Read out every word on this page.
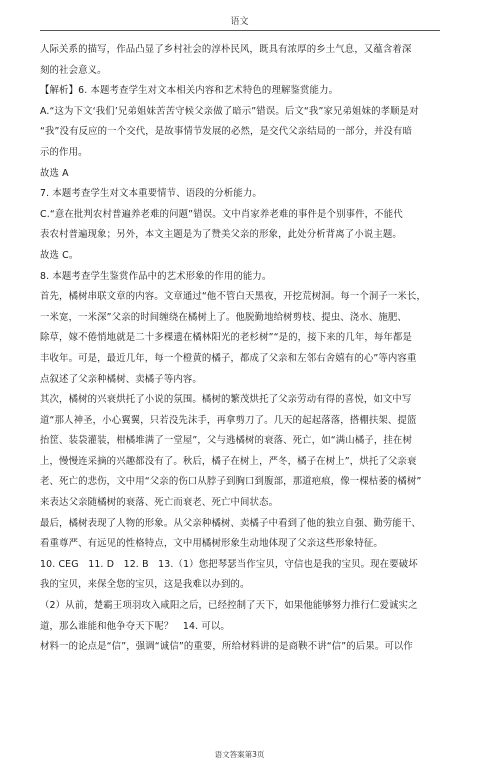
语文
人际关系的描写，作品凸显了乡村社会的淳朴民风，既具有浓厚的乡土气息，又蕴含着深
刻的社会意义。
【解析】6. 本题考查学生对文本相关内容和艺术特色的理解鉴赏能力。
A.“这为下文‘我们’兄弟姐妹苦苦守候父亲做了暗示”错误。后文“我”家兄弟姐妹的孝顺是对
“我”没有反应的一个交代，是故事情节发展的必然，是交代父亲结局的一部分，并没有暗
示的作用。
故选 A
7. 本题考查学生对文本重要情节、语段的分析能力。
C.“意在批判农村普遍养老难的问题”错误。文中肖家养老难的事件是个别事件，不能代
表农村普遍现象；另外，本文主题是为了赞美父亲的形象，此处分析背离了小说主题。
故选 C。
8. 本题考查学生鉴赏作品中的艺术形象的作用的能力。
首先，橘树串联文章的内容。文章通过“他不管白天黑夜，开挖荒树洞。每一个洞子一米长，
一米宽，一米深”父亲的时间缠绕在橘树上了。他脱勤地给树剪枝、提虫、浇水、施肥、
除草，嫁不倦悄地就是二十多棵遗在橘林阳光的老杉树”“是的，接下来的几年，每年都是
丰收年。可是，最近几年，每一个橙黄的橘子，都成了父亲和左邻右舍嬉有的心”等内容重
点叙述了父亲种橘树、卖橘子等内容。
其次，橘树的兴衰烘托了小说的氛围。橘树的繁茂烘托了父亲劳动有得的喜悦，如文中写
道“那人神圣，小心翼翼，只若没先沫手，再拿剪刀了。几天的起起落落，搭棚扶架、提篮
抬筐、装袋灌装，柑橘堆满了一堂屋”，父与逃橘树的衰落、死亡，如“满山橘子，挂在树
上，慢慢连采摘的兴趣都没有了。秋后，橘子在树上，严冬，橘子在树上”，烘托了父亲衰
老、死亡的悲伤，文中用“父亲的伤口从脖子到胸口到腹部，那道疤痕，像一棵枯萎的橘树”
来表达父亲随橘树的衰落、死亡而衰老、死亡中间状态。
最后，橘树表现了人物的形象。从父亲种橘树、卖橘子中看到了他的独立自强、勤劳能干、
看重尊严、有远见的性格特点，文中用橘树形象生动地体现了父亲这些形象特征。
10. CEG　11. D　12. B　13.（1）您把琴瑟当作宝贝，守信也是我的宝贝。现在要破坏
我的宝贝，来保全您的宝贝，这是我难以办到的。
（2）从前，楚霸王项羽攻入咸阳之后，已经控制了天下，如果他能够努力推行仁爱诚实之
道，那么谁能和他争夺天下呢？　14. 可以。
材料一的论点是“信”，强调“诚信”的重要，所给材料讲的是商鞅不讲“信”的后果。可以作
语文答案第3页
